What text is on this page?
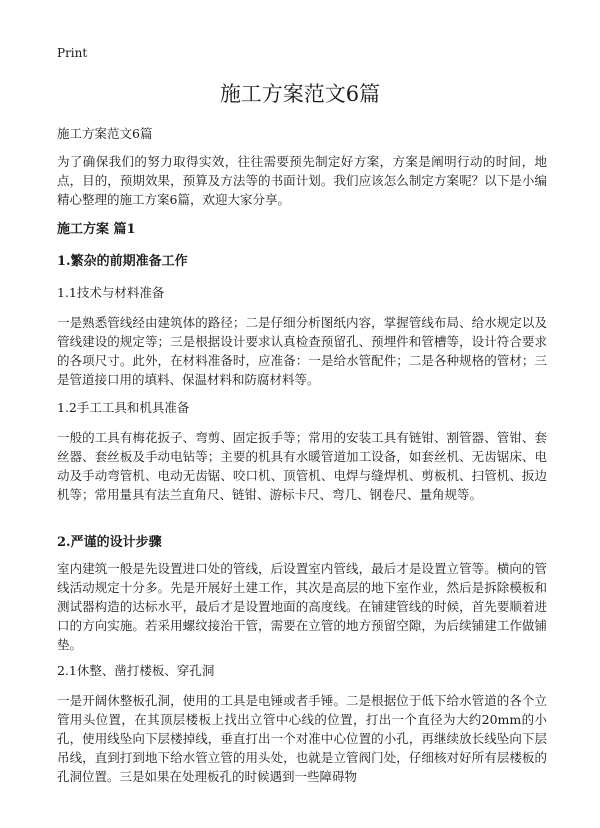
Print
施工方案范文6篇

施工方案范文6篇

为了确保我们的努力取得实效，往往需要预先制定好方案，方案是阐明行动的时间，地点，目的，预期效果，预算及方法等的书面计划。我们应该怎么制定方案呢？以下是小编精心整理的施工方案6篇，欢迎大家分享。

施工方案 篇1
1.繁杂的前期准备工作
1.1技术与材料准备

一是熟悉管线经由建筑体的路径；二是仔细分析图纸内容，掌握管线布局、给水规定以及管线建设的规定等；三是根据设计要求认真检查预留孔、预埋件和管槽等，设计符合要求的各项尺寸。此外，在材料准备时，应准备：一是给水管配件；二是各种规格的管材；三是管道接口用的填料、保温材料和防腐材料等。

1.2手工工具和机具准备

一般的工具有梅花扳子、弯剪、固定扳手等；常用的安装工具有链钳、割管器、管钳、套丝器、套丝板及手动电钻等；主要的机具有水暖管道加工设备，如套丝机、无齿锯床、电动及手动弯管机、电动无齿锯、咬口机、顶管机、电焊与缝焊机、剪板机、扫管机、扳边机等；常用量具有法兰直角尺、链钳、游标卡尺、弯几、钢卷尺、量角规等。

2.严谨的设计步骤

室内建筑一般是先设置进口处的管线，后设置室内管线，最后才是设置立管等。横向的管线活动规定十分多。先是开展好土建工作，其次是高层的地下室作业，然后是拆除模板和测试器构造的达标水平，最后才是设置地面的高度线。在铺建管线的时候，首先要顺着进口的方向实施。若采用螺纹接治干管，需要在立管的地方预留空隙，为后续铺建工作做铺垫。

2.1休整、凿打楼板、穿孔洞

一是开阔休整板孔洞，使用的工具是电锤或者手锤。二是根据位于低下给水管道的各个立管用头位置，在其顶层楼板上找出立管中心线的位置，打出一个直径为大约20mm的小孔，使用线坠向下层楼掉线，垂直打出一个对准中心位置的小孔，再继续放长线坠向下层吊线，直到打到地下给水管立管的用头处，也就是立管阀门处，仔细核对好所有层楼板的孔洞位置。三是如果在处理板孔的时候遇到一些障碍物
